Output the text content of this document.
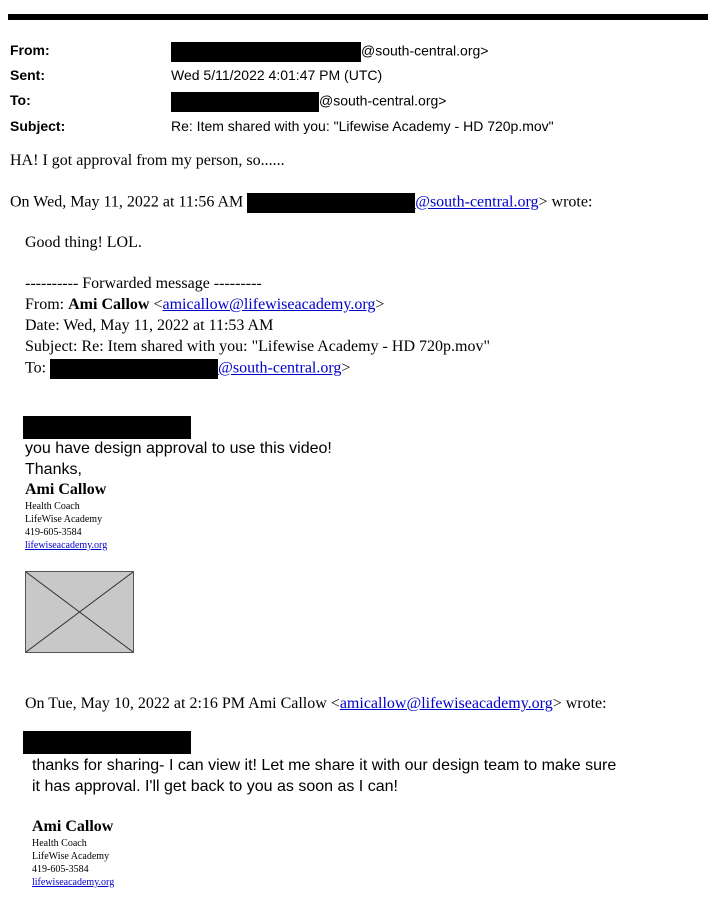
From:	@south-central.org>
Sent:	Wed 5/11/2022 4:01:47 PM (UTC)
To:	@south-central.org>
Subject:	Re: Item shared with you: "Lifewise Academy - HD 720p.mov"
HA! I got approval from my person, so......
On Wed, May 11, 2022 at 11:56 AM	@south-central.org> wrote:
Good thing! LOL.
---------- Forwarded message ---------
From: Ami Callow <amicallow@lifewiseacademy.org>
Date: Wed, May 11, 2022 at 11:53 AM
Subject: Re: Item shared with you: "Lifewise Academy - HD 720p.mov"
To:	@south-central.org>
you have design approval to use this video!
Thanks,
Ami Callow
Health Coach
LifeWise Academy
419-605-3584
lifewiseacademy.org
On Tue, May 10, 2022 at 2:16 PM Ami Callow <amicallow@lifewiseacademy.org> wrote:
thanks for sharing- I can view it! Let me share it with our design team to make sure
it has approval. I'll get back to you as soon as I can!
Ami Callow
Health Coach
LifeWise Academy
419-605-3584
lifewiseacademy.org
